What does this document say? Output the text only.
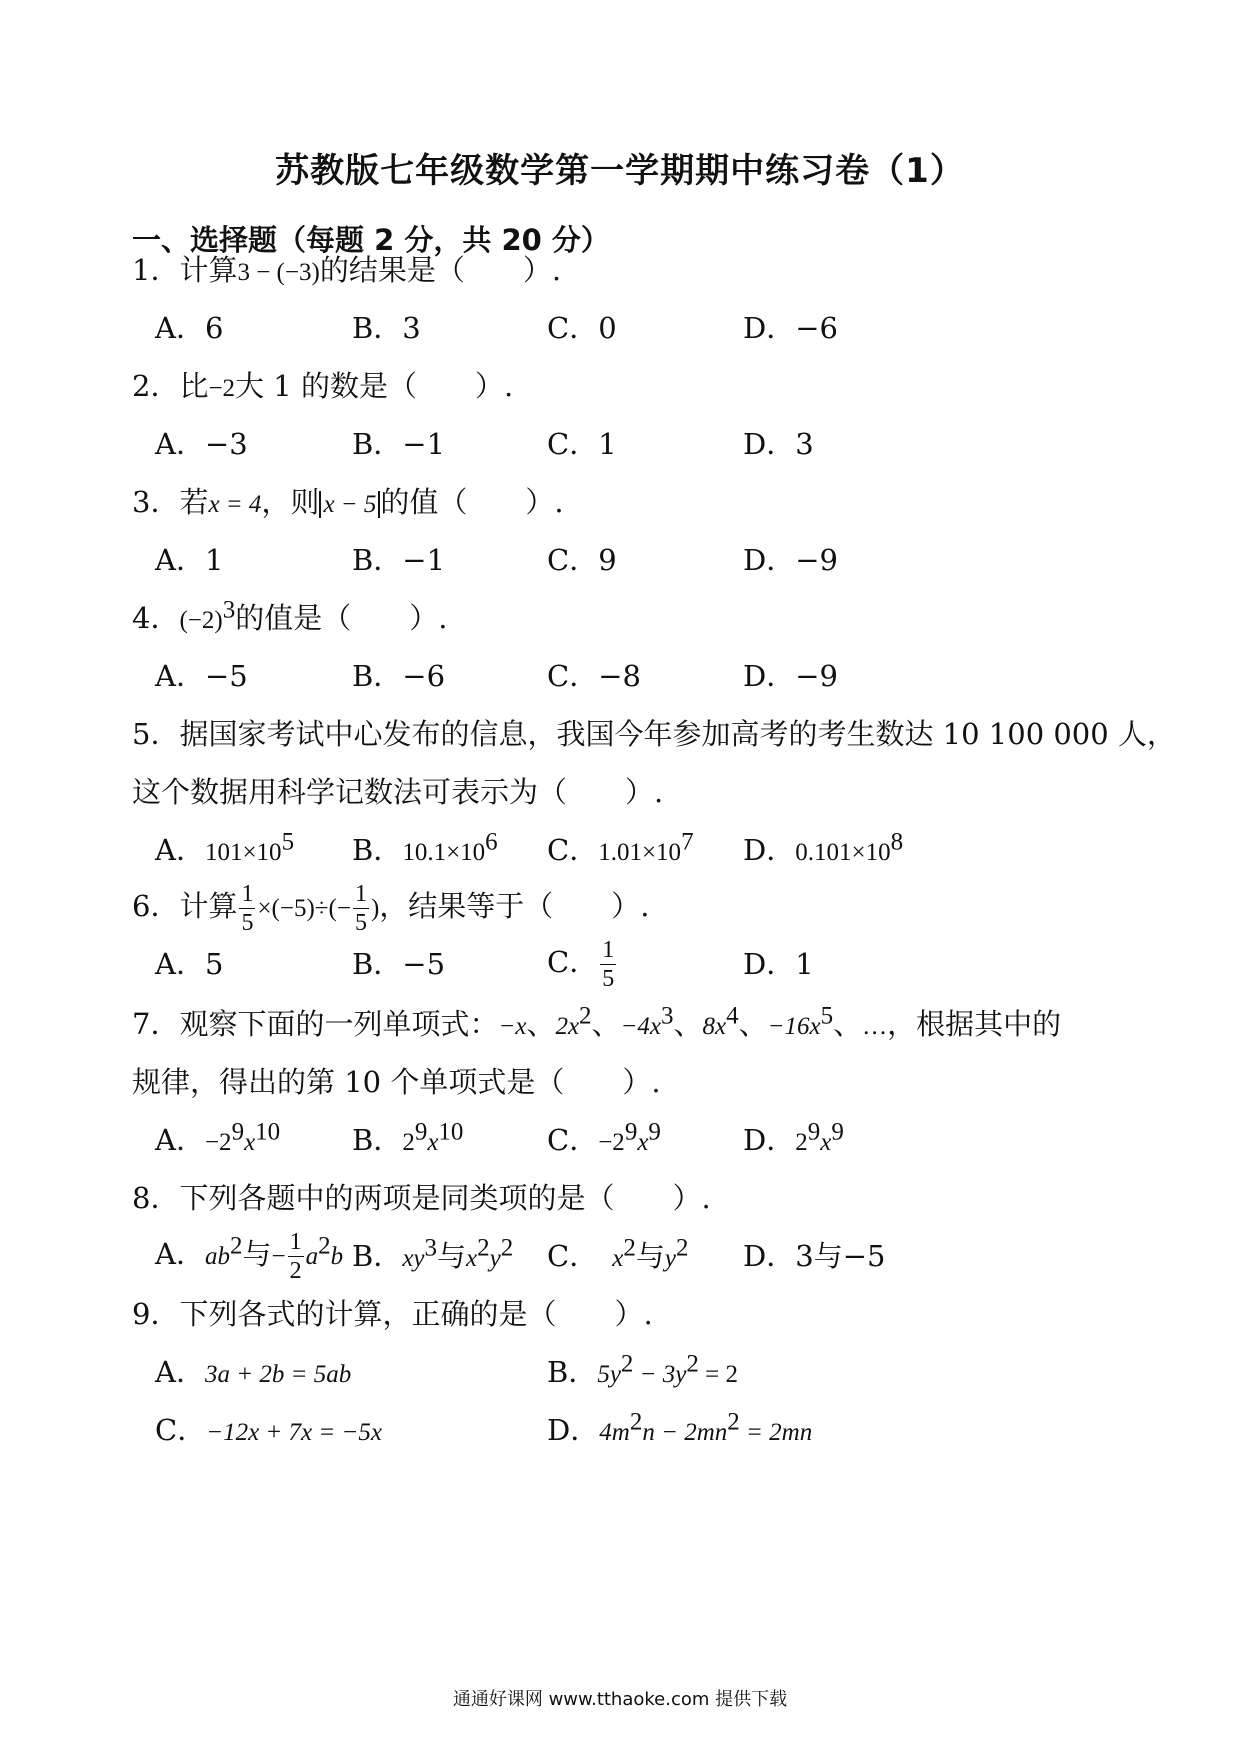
苏教版七年级数学第一学期期中练习卷（1）
一、选择题（每题 2 分，共 20 分）
1．计算3 − (−3)的结果是（　　）.
A．6	B．3	C．0	D．−6
2．比−2大 1 的数是（　　）.
A．−3	B．−1	C．1	D．3
3．若x = 4，则 x − 5 的值（　　）.
A．1	B．−1	C．9	D．−9
4．$(-2)^3$的值是（　　）.
A．−5	B．−6	C．−8	D．−9
5．据国家考试中心发布的信息，我国今年参加高考的考生数达 10 100 000 人，
这个数据用科学记数法可表示为（　　）.
A．$101\times 10^5$ B．$10.1\times 10^6$ C．$1.01\times 10^7$ D．$0.101\times 10^8$
6．计算 $\frac{1}{5} \times(-5)\div(- \frac{1}{5}$ )，结果等于（　　）.
A．5	B．−5	C． $\frac{1}{5}$	D．1
7．观察下面的一列单项式：−x、$2x^2$、$-4x^3$、$8x^4$、$-16x^5$、…，根据其中的
规律，得出的第 10 个单项式是（　　）.
A．$-2^9x^{10}$ B．$2^9x^{10}$	C．$-2^9x^9$	D．$2^9x^9$
8．下列各题中的两项是同类项的是（　　）.
A．$ab^2$与− $\frac{1}{2} a^2b$ B．$xy^3$与$x^2y^2$ C． $x^2$与$y^2$ D．3与−5
9．下列各式的计算，正确的是（　　）.
A．3a + 2b = 5ab	B．$5y^2 - 3y^2 = 2$
C．−12x + 7x = −5x	D．$4m^2n - 2mn^2 = 2mn$
通通好课网 www.tthaoke.com 提供下载
